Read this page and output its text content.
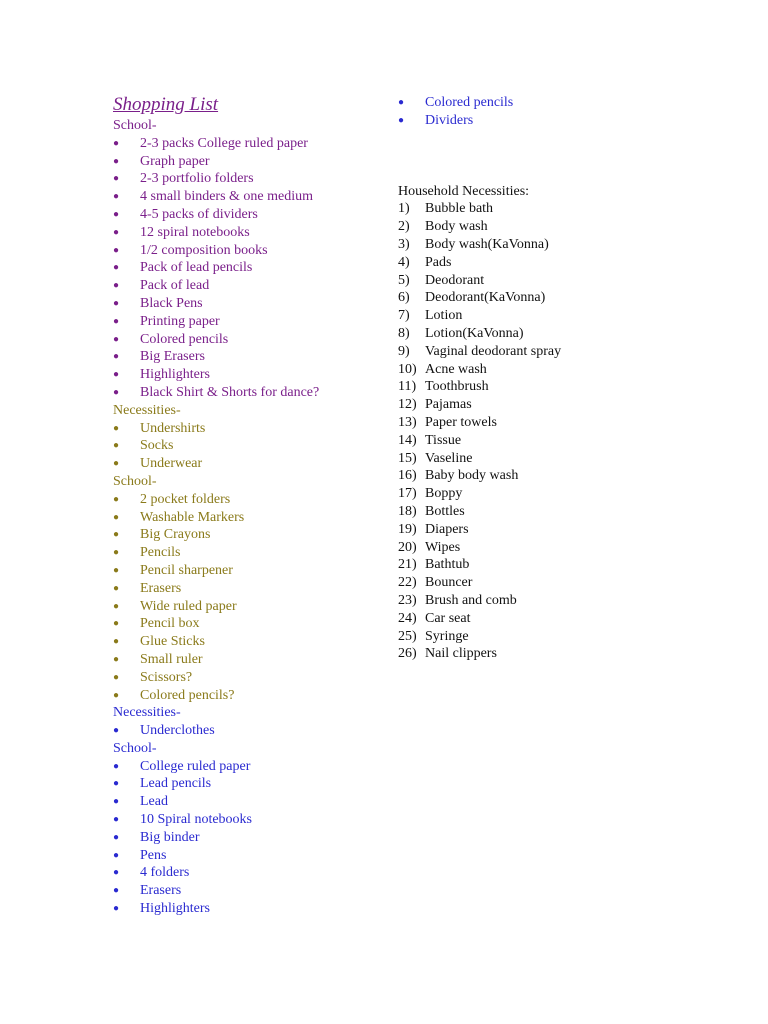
Shopping List
School-
● 2-3 packs College ruled paper
● Graph paper
● 2-3 portfolio folders
● 4 small binders & one medium
● 4-5 packs of dividers
● 12 spiral notebooks
● 1/2 composition books
● Pack of lead pencils
● Pack of lead
● Black Pens
● Printing paper
● Colored pencils
● Big Erasers
● Highlighters
● Black Shirt & Shorts for dance?
Necessities-
● Undershirts
● Socks
● Underwear
School-
● 2 pocket folders
● Washable Markers
● Big Crayons
● Pencils
● Pencil sharpener
● Erasers
● Wide ruled paper
● Pencil box
● Glue Sticks
● Small ruler
● Scissors?
● Colored pencils?
Necessities-
● Underclothes
School-
● College ruled paper
● Lead pencils
● Lead
● 10 Spiral notebooks
● Big binder
● Pens
● 4 folders
● Erasers
● Highlighters
● Colored pencils
● Dividers
Household Necessities:
1) Bubble bath
2) Body wash
3) Body wash(KaVonna)
4) Pads
5) Deodorant
6) Deodorant(KaVonna)
7) Lotion
8) Lotion(KaVonna)
9) Vaginal deodorant spray
10) Acne wash
11) Toothbrush
12) Pajamas
13) Paper towels
14) Tissue
15) Vaseline
16) Baby body wash
17) Boppy
18) Bottles
19) Diapers
20) Wipes
21) Bathtub
22) Bouncer
23) Brush and comb
24) Car seat
25) Syringe
26) Nail clippers
